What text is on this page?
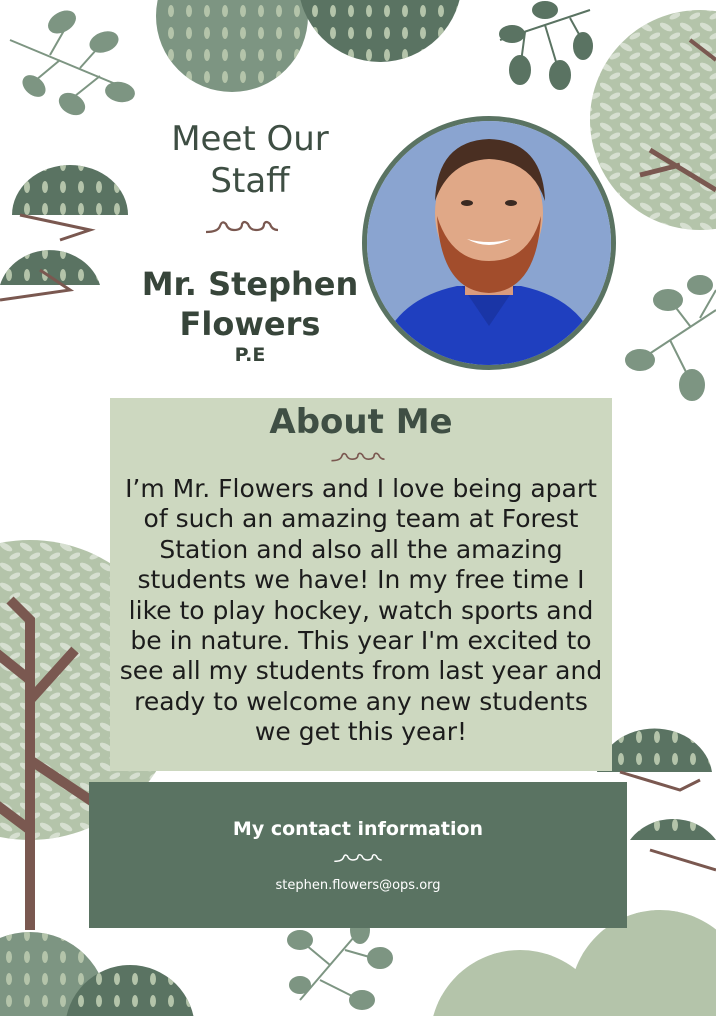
Meet Our Staff
Mr. Stephen Flowers
P.E
About Me
I’m Mr. Flowers and I love being apart of such an amazing team at Forest Station and also all the amazing students we have! In my free time I like to play hockey, watch sports and be in nature. This year I'm excited to see all my students from last year and ready to welcome any new students we get this year!
My contact information
stephen.flowers@ops.org
